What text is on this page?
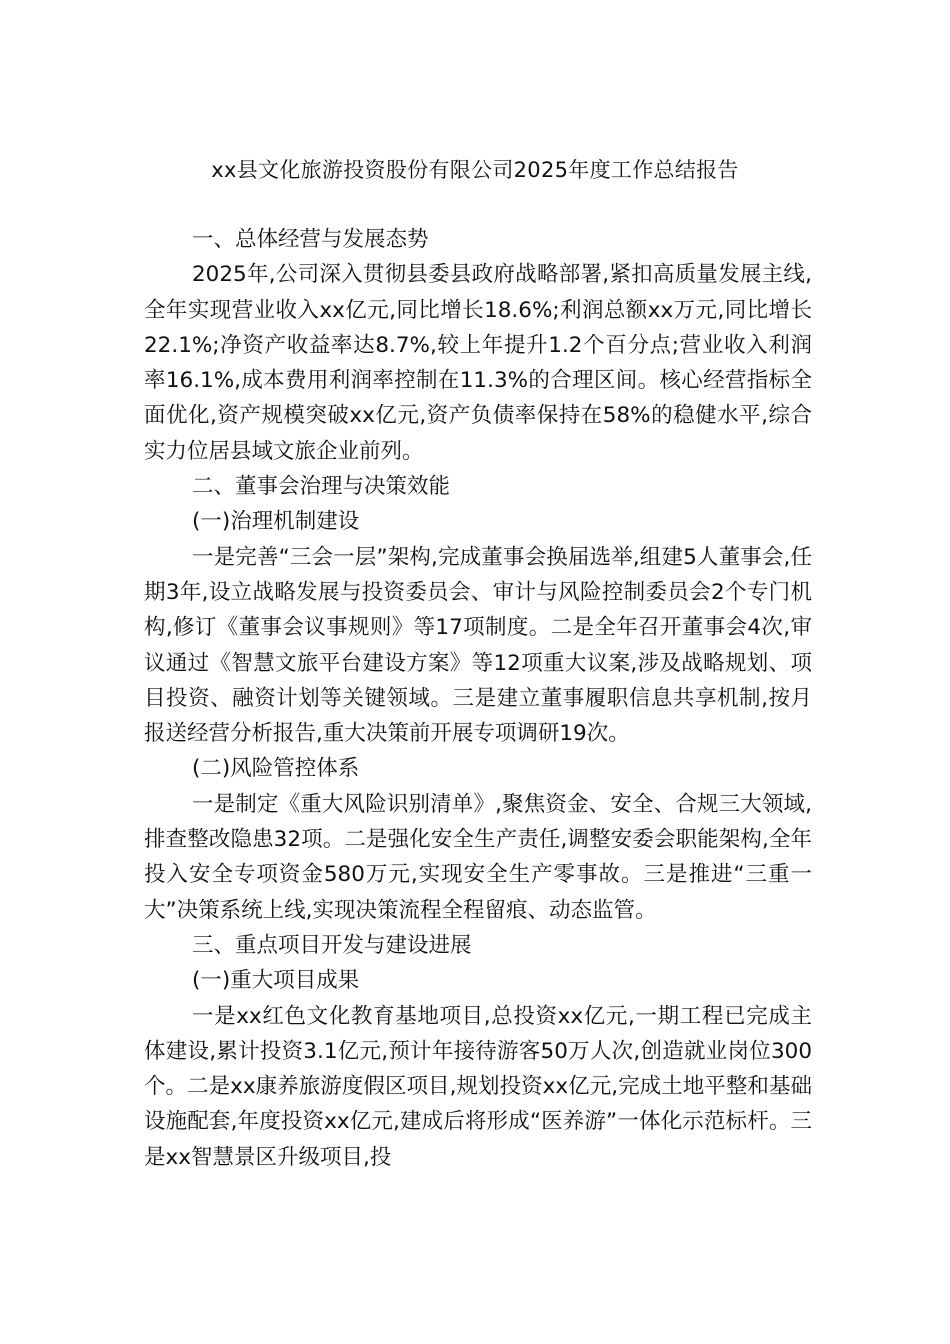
xx县文化旅游投资股份有限公司2025年度工作总结报告

一、总体经营与发展态势

2025年,公司深入贯彻县委县政府战略部署,紧扣高质量发展主线,全年实现营业收入xx亿元,同比增长18.6%;利润总额xx万元,同比增长22.1%;净资产收益率达8.7%,较上年提升1.2个百分点;营业收入利润率16.1%,成本费用利润率控制在11.3%的合理区间。核心经营指标全面优化,资产规模突破xx亿元,资产负债率保持在58%的稳健水平,综合实力位居县域文旅企业前列。

二、董事会治理与决策效能

(一)治理机制建设

一是完善“三会一层”架构,完成董事会换届选举,组建5人董事会,任期3年,设立战略发展与投资委员会、审计与风险控制委员会2个专门机构,修订《董事会议事规则》等17项制度。二是全年召开董事会4次,审议通过《智慧文旅平台建设方案》等12项重大议案,涉及战略规划、项目投资、融资计划等关键领域。三是建立董事履职信息共享机制,按月报送经营分析报告,重大决策前开展专项调研19次。

(二)风险管控体系

一是制定《重大风险识别清单》,聚焦资金、安全、合规三大领域,排查整改隐患32项。二是强化安全生产责任,调整安委会职能架构,全年投入安全专项资金580万元,实现安全生产零事故。三是推进“三重一大”决策系统上线,实现决策流程全程留痕、动态监管。

三、重点项目开发与建设进展

(一)重大项目成果

一是xx红色文化教育基地项目,总投资xx亿元,一期工程已完成主体建设,累计投资3.1亿元,预计年接待游客50万人次,创造就业岗位300个。二是xx康养旅游度假区项目,规划投资xx亿元,完成土地平整和基础设施配套,年度投资xx亿元,建成后将形成“医养游”一体化示范标杆。三是xx智慧景区升级项目,投
